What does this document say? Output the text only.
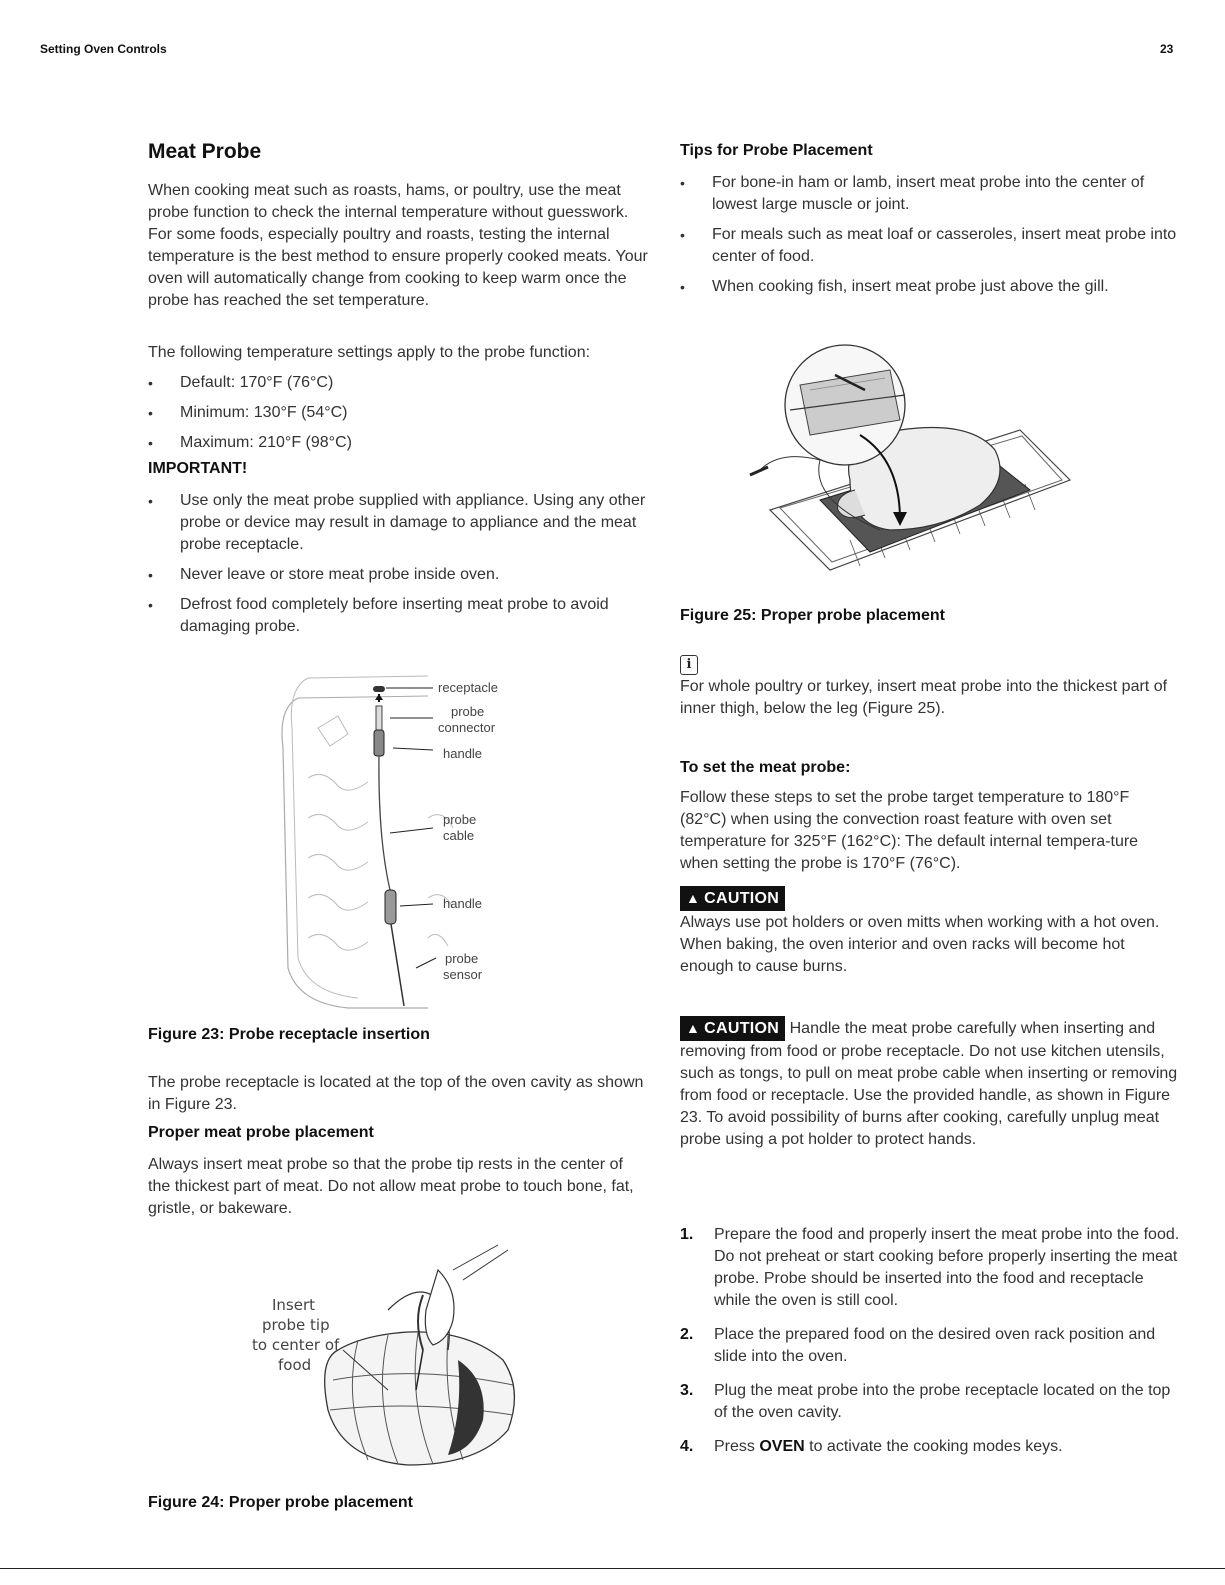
Setting Oven Controls	23
Meat Probe

When cooking meat such as roasts, hams, or poultry, use the meat probe function to check the internal temperature without guesswork. For some foods, especially poultry and roasts, testing the internal temperature is the best method to ensure properly cooked meats. Your oven will automatically change from cooking to keep warm once the probe has reached the set temperature.

The following temperature settings apply to the probe function:

• Default: 170°F (76°C)
• Minimum: 130°F (54°C)
• Maximum: 210°F (98°C)
IMPORTANT!
• Use only the meat probe supplied with appliance. Using any other probe or device may result in damage to appliance and the meat probe receptacle.
• Never leave or store meat probe inside oven.
• Defrost food completely before inserting meat probe to avoid damaging probe.
receptacle
probe
connector
handle
probe
cable
handle
probe
sensor
Figure 23: Probe receptacle insertion

The probe receptacle is located at the top of the oven cavity as shown in Figure 23.

Proper meat probe placement

Always insert meat probe so that the probe tip rests in the center of the thickest part of meat. Do not allow meat probe to touch bone, fat, gristle, or bakeware.

Insert
probe tip
to center of
food
Figure 24: Proper probe placement
Tips for Probe Placement
• For bone-in ham or lamb, insert meat probe into the center of lowest large muscle or joint.
• For meals such as meat loaf or casseroles, insert meat probe into center of food.
• When cooking fish, insert meat probe just above the gill.
Figure 25: Proper probe placement
i

For whole poultry or turkey, insert meat probe into the thickest part of inner thigh, below the leg (Figure 25).

To set the meat probe:

Follow these steps to set the probe target temperature to 180°F (82°C) when using the convection roast feature with oven set temperature for 325°F (162°C): The default internal tempera-ture when setting the probe is 170°F (76°C).

▲ CAUTION

Always use pot holders or oven mitts when working with a hot oven. When baking, the oven interior and oven racks will become hot enough to cause burns.

▲ CAUTION Handle the meat probe carefully when inserting and removing from food or probe receptacle. Do not use kitchen utensils, such as tongs, to pull on meat probe cable when inserting or removing from food or receptacle. Use the provided handle, as shown in Figure 23. To avoid possibility of burns after cooking, carefully unplug meat probe using a pot holder to protect hands.

1. Prepare the food and properly insert the meat probe into the food. Do not preheat or start cooking before properly inserting the meat probe. Probe should be inserted into the food and receptacle while the oven is still cool.
2. Place the prepared food on the desired oven rack position and slide into the oven.
3. Plug the meat probe into the probe receptacle located on the top of the oven cavity.
4. Press OVEN to activate the cooking modes keys.
